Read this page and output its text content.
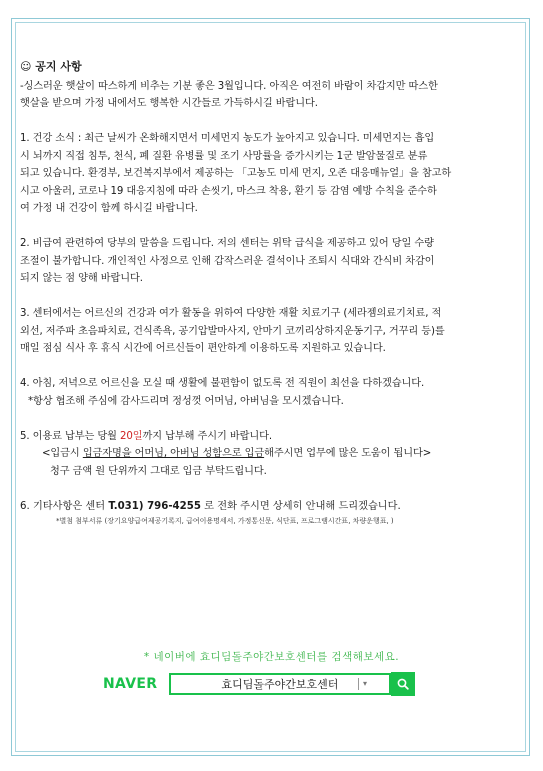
☺ 공지 사항

-싱스러운 햇살이 따스하게 비추는 기분 좋은 3월입니다. 아직은 여전히 바람이 차갑지만 따스한

햇살을 받으며 가정 내에서도 행복한 시간들로 가득하시길 바랍니다.

1. 건강 소식 : 최근 날씨가 온화해지면서 미세먼지 농도가 높아지고 있습니다. 미세먼지는 흡입

시 뇌까지 직접 침투, 천식, 폐 질환 유병률 및 조기 사망률을 증가시키는 1군 발암물질로 분류

되고 있습니다. 환경부, 보건복지부에서 제공하는 「고농도 미세 먼지, 오존 대응매뉴얼」을 참고하

시고 아울러, 코로나 19 대응지침에 따라 손씻기, 마스크 착용, 환기 등 감염 예방 수칙을 준수하

여 가정 내 건강이 함께 하시길 바랍니다.

2. 비급여 관련하여 당부의 말씀을 드립니다. 저의 센터는 위탁 급식을 제공하고 있어 당일 수량

조절이 불가합니다. 개인적인 사정으로 인해 갑작스러운 결석이나 조퇴시 식대와 간식비 차감이

되지 않는 점 양해 바랍니다.

3. 센터에서는 어르신의 건강과 여가 활동을 위하여 다양한 재활 치료기구 (세라젬의료기치료, 적

외선, 저주파 초음파치료, 건식족욕, 공기압발마사지, 안마기 코끼리상하지운동기구, 거꾸리 등)를

매일 점심 식사 후 휴식 시간에 어르신들이 편안하게 이용하도록 지원하고 있습니다.

4. 아침, 저녁으로 어르신을 모실 때 생활에 불편함이 없도록 전 직원이 최선을 다하겠습니다.

*항상 협조해 주심에 감사드리며 정성껏 어머님, 아버님을 모시겠습니다.

5. 이용료 납부는 당월 20일까지 납부해 주시기 바랍니다.

<입금시 입금자명을 어머님, 아버님 성함으로 입금해주시면 업무에 많은 도움이 됩니다>

청구 금액 원 단위까지 그대로 입금 부탁드립니다.

6. 기타사항은 센터 T.031) 796-4255 로 전화 주시면 상세히 안내해 드리겠습니다.

*별첨 첨부서류 (장기요양급여제공기록지, 급여이용명세서, 가정통신문, 식단표, 프로그램시간표, 차량운행표, )

* 네이버에 효디딤돌주야간보호센터를 검색해보세요.
NAVER	효디딤돌주야간보호센터	▾
